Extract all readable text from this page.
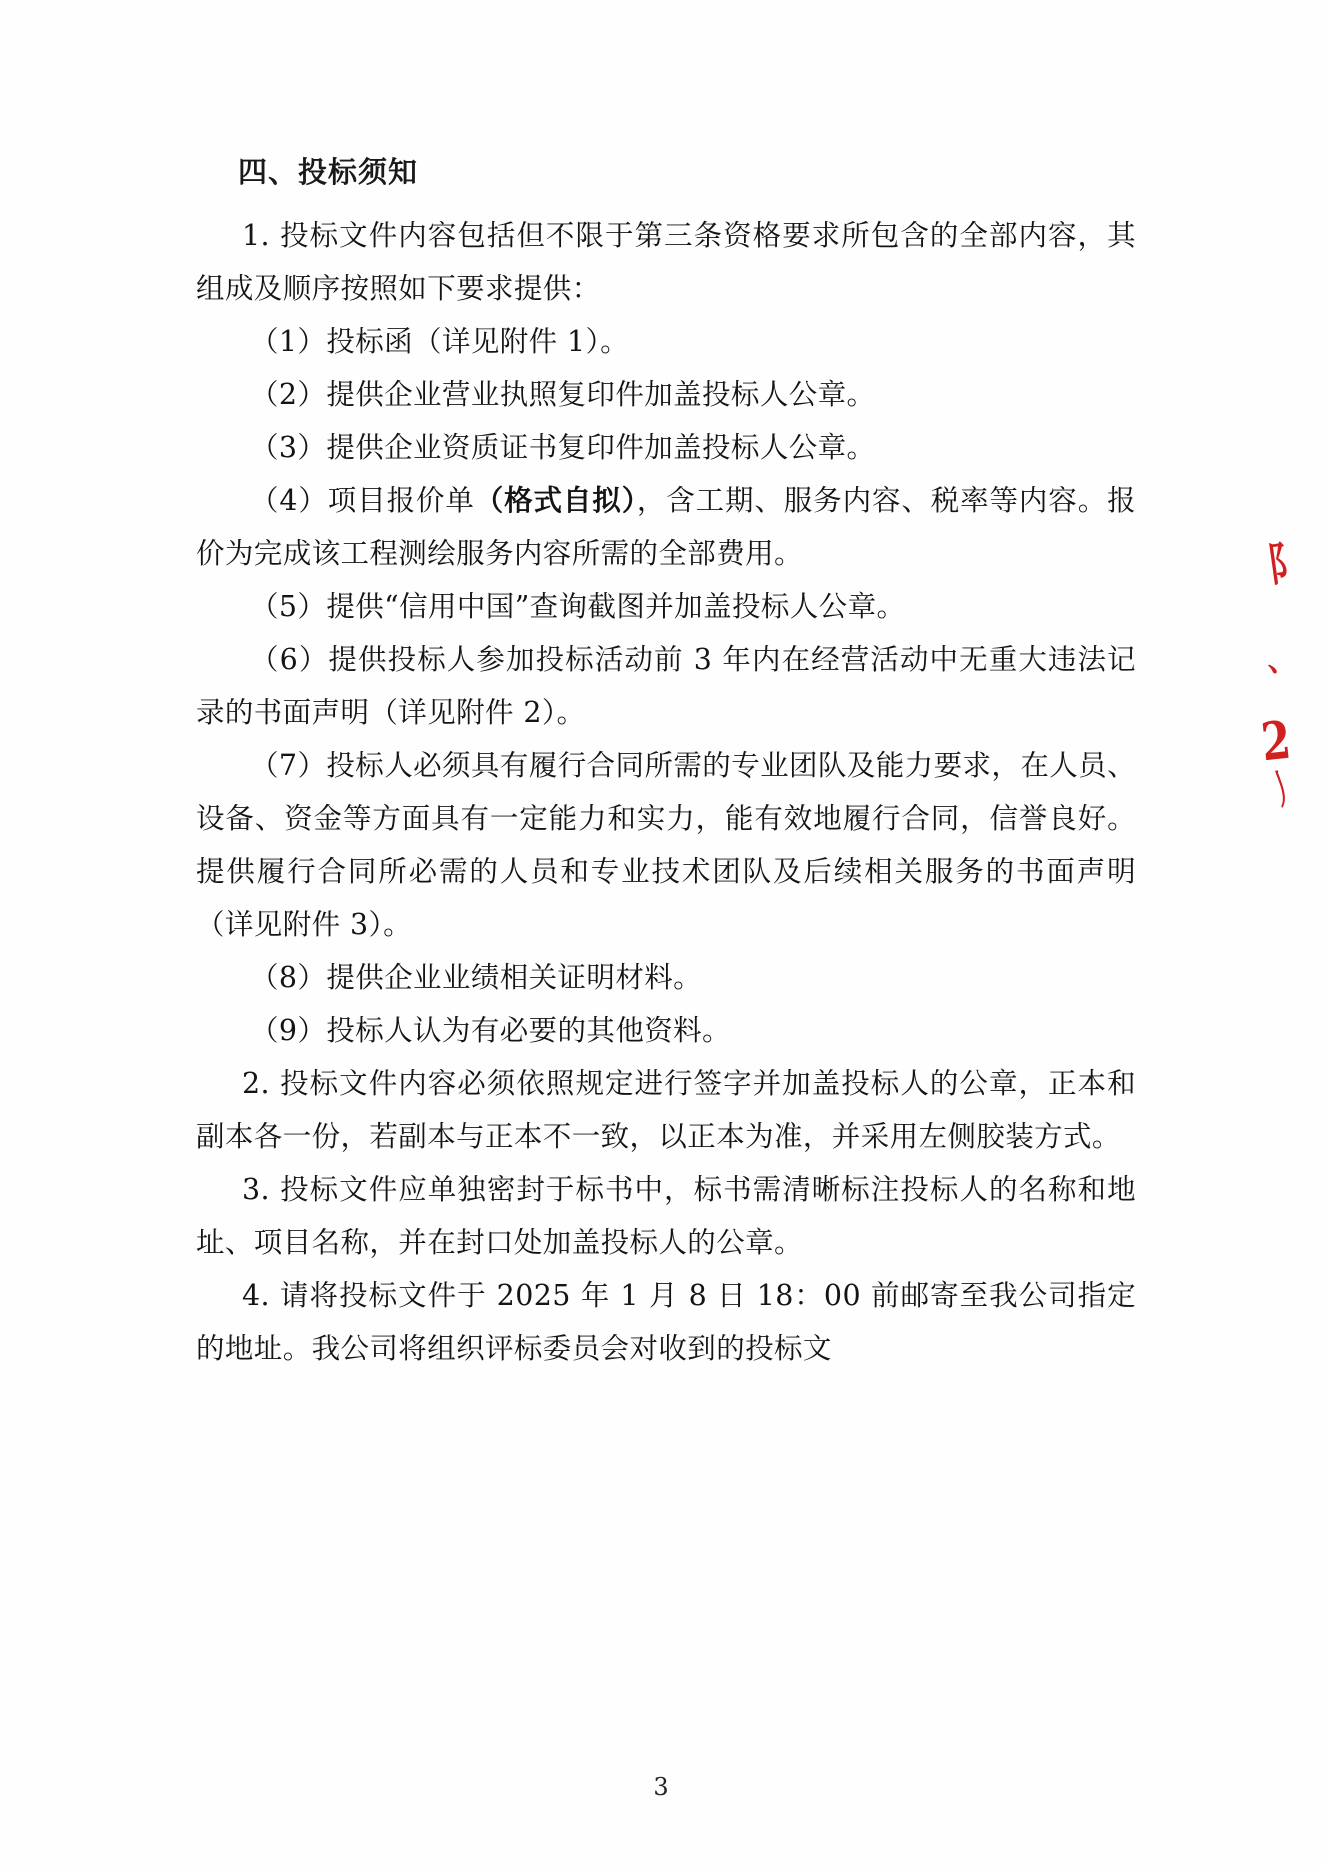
四、投标须知

1. 投标文件内容包括但不限于第三条资格要求所包含的全部内容，其组成及顺序按照如下要求提供：

（1）投标函（详见附件 1）。

（2）提供企业营业执照复印件加盖投标人公章。

（3）提供企业资质证书复印件加盖投标人公章。

（4）项目报价单（格式自拟），含工期、服务内容、税率等内容。报价为完成该工程测绘服务内容所需的全部费用。

（5）提供“信用中国”查询截图并加盖投标人公章。

（6）提供投标人参加投标活动前 3 年内在经营活动中无重大违法记录的书面声明（详见附件 2）。

（7）投标人必须具有履行合同所需的专业团队及能力要求，在人员、设备、资金等方面具有一定能力和实力，能有效地履行合同，信誉良好。提供履行合同所必需的人员和专业技术团队及后续相关服务的书面声明（详见附件 3）。

（8）提供企业业绩相关证明材料。

（9）投标人认为有必要的其他资料。

2. 投标文件内容必须依照规定进行签字并加盖投标人的公章，正本和副本各一份，若副本与正本不一致，以正本为准，并采用左侧胶装方式。

3. 投标文件应单独密封于标书中，标书需清晰标注投标人的名称和地址、项目名称，并在封口处加盖投标人的公章。

4. 请将投标文件于 2025 年 1 月 8 日 18：00 前邮寄至我公司指定的地址。我公司将组织评标委员会对收到的投标文

阝
、
2
丿
3
